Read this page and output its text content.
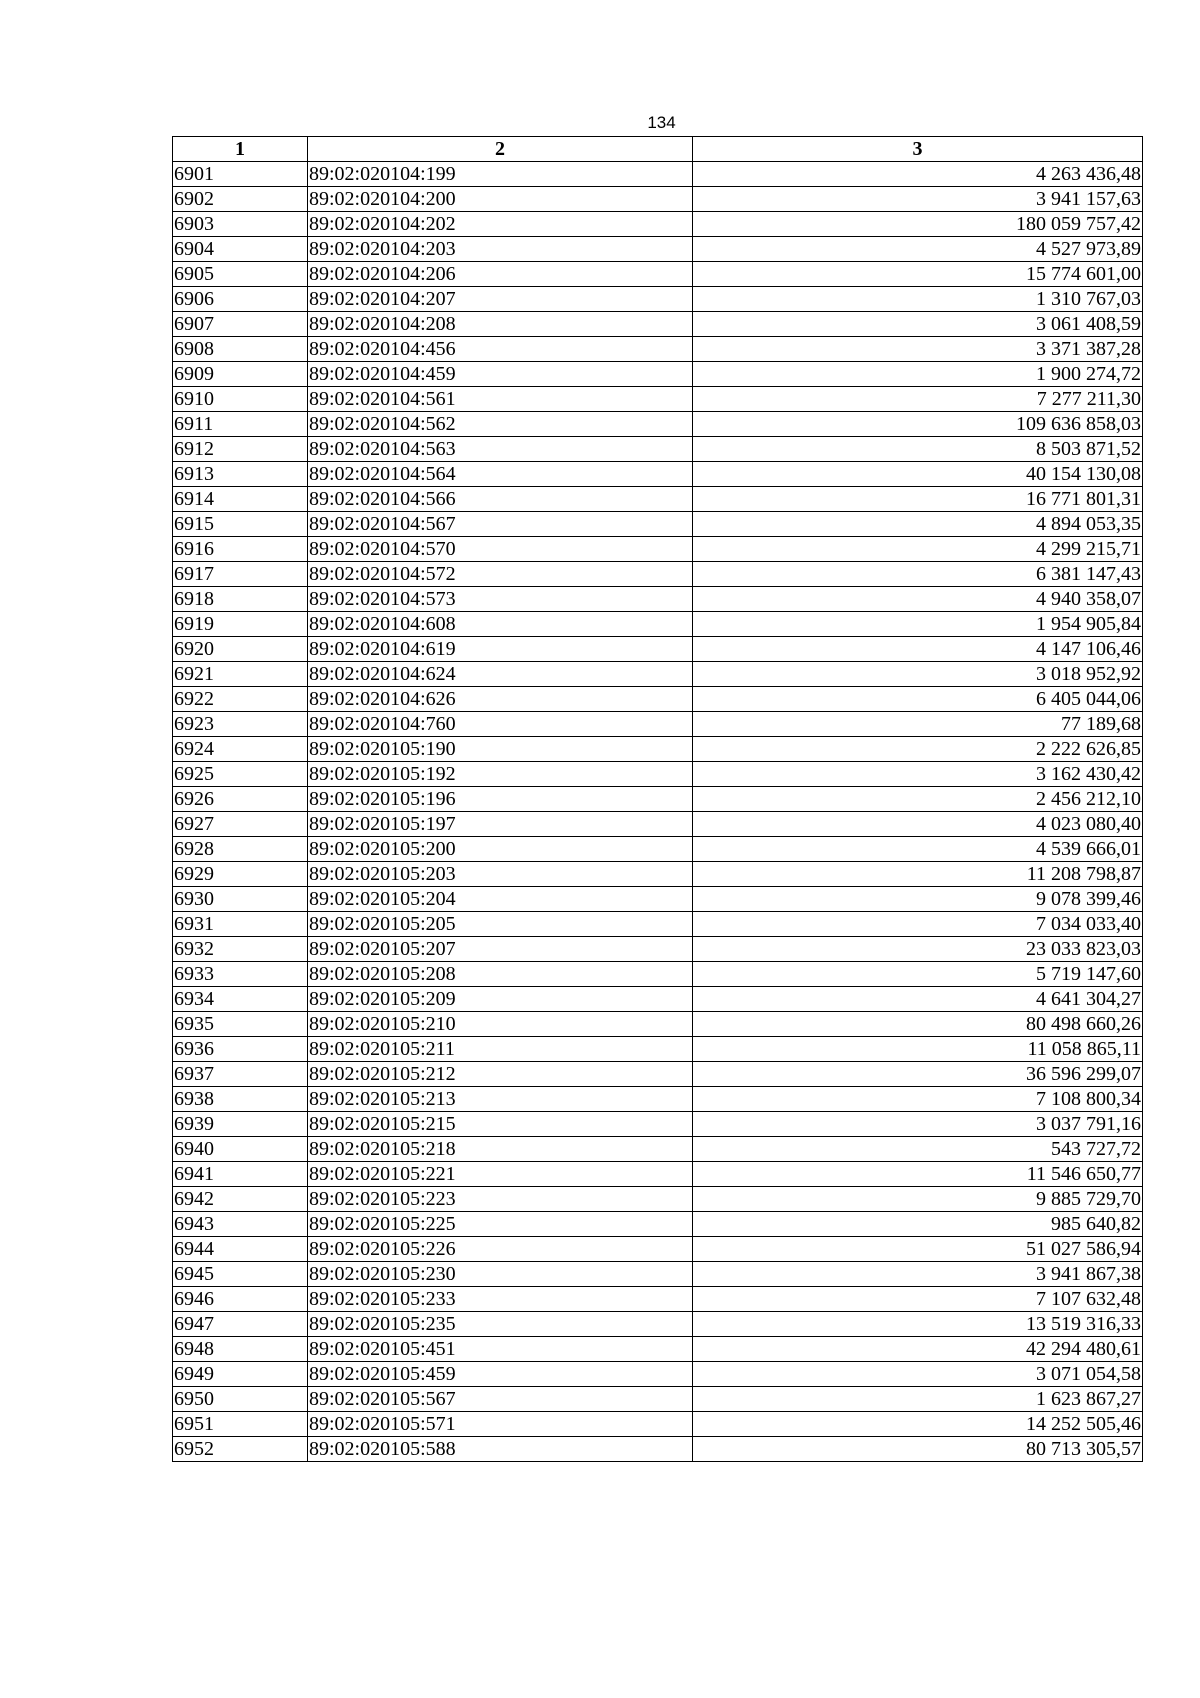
134
1	2	3
6901	89:02:020104:199	4 263 436,48
6902	89:02:020104:200	3 941 157,63
6903	89:02:020104:202	180 059 757,42
6904	89:02:020104:203	4 527 973,89
6905	89:02:020104:206	15 774 601,00
6906	89:02:020104:207	1 310 767,03
6907	89:02:020104:208	3 061 408,59
6908	89:02:020104:456	3 371 387,28
6909	89:02:020104:459	1 900 274,72
6910	89:02:020104:561	7 277 211,30
6911	89:02:020104:562	109 636 858,03
6912	89:02:020104:563	8 503 871,52
6913	89:02:020104:564	40 154 130,08
6914	89:02:020104:566	16 771 801,31
6915	89:02:020104:567	4 894 053,35
6916	89:02:020104:570	4 299 215,71
6917	89:02:020104:572	6 381 147,43
6918	89:02:020104:573	4 940 358,07
6919	89:02:020104:608	1 954 905,84
6920	89:02:020104:619	4 147 106,46
6921	89:02:020104:624	3 018 952,92
6922	89:02:020104:626	6 405 044,06
6923	89:02:020104:760	77 189,68
6924	89:02:020105:190	2 222 626,85
6925	89:02:020105:192	3 162 430,42
6926	89:02:020105:196	2 456 212,10
6927	89:02:020105:197	4 023 080,40
6928	89:02:020105:200	4 539 666,01
6929	89:02:020105:203	11 208 798,87
6930	89:02:020105:204	9 078 399,46
6931	89:02:020105:205	7 034 033,40
6932	89:02:020105:207	23 033 823,03
6933	89:02:020105:208	5 719 147,60
6934	89:02:020105:209	4 641 304,27
6935	89:02:020105:210	80 498 660,26
6936	89:02:020105:211	11 058 865,11
6937	89:02:020105:212	36 596 299,07
6938	89:02:020105:213	7 108 800,34
6939	89:02:020105:215	3 037 791,16
6940	89:02:020105:218	543 727,72
6941	89:02:020105:221	11 546 650,77
6942	89:02:020105:223	9 885 729,70
6943	89:02:020105:225	985 640,82
6944	89:02:020105:226	51 027 586,94
6945	89:02:020105:230	3 941 867,38
6946	89:02:020105:233	7 107 632,48
6947	89:02:020105:235	13 519 316,33
6948	89:02:020105:451	42 294 480,61
6949	89:02:020105:459	3 071 054,58
6950	89:02:020105:567	1 623 867,27
6951	89:02:020105:571	14 252 505,46
6952	89:02:020105:588	80 713 305,57
